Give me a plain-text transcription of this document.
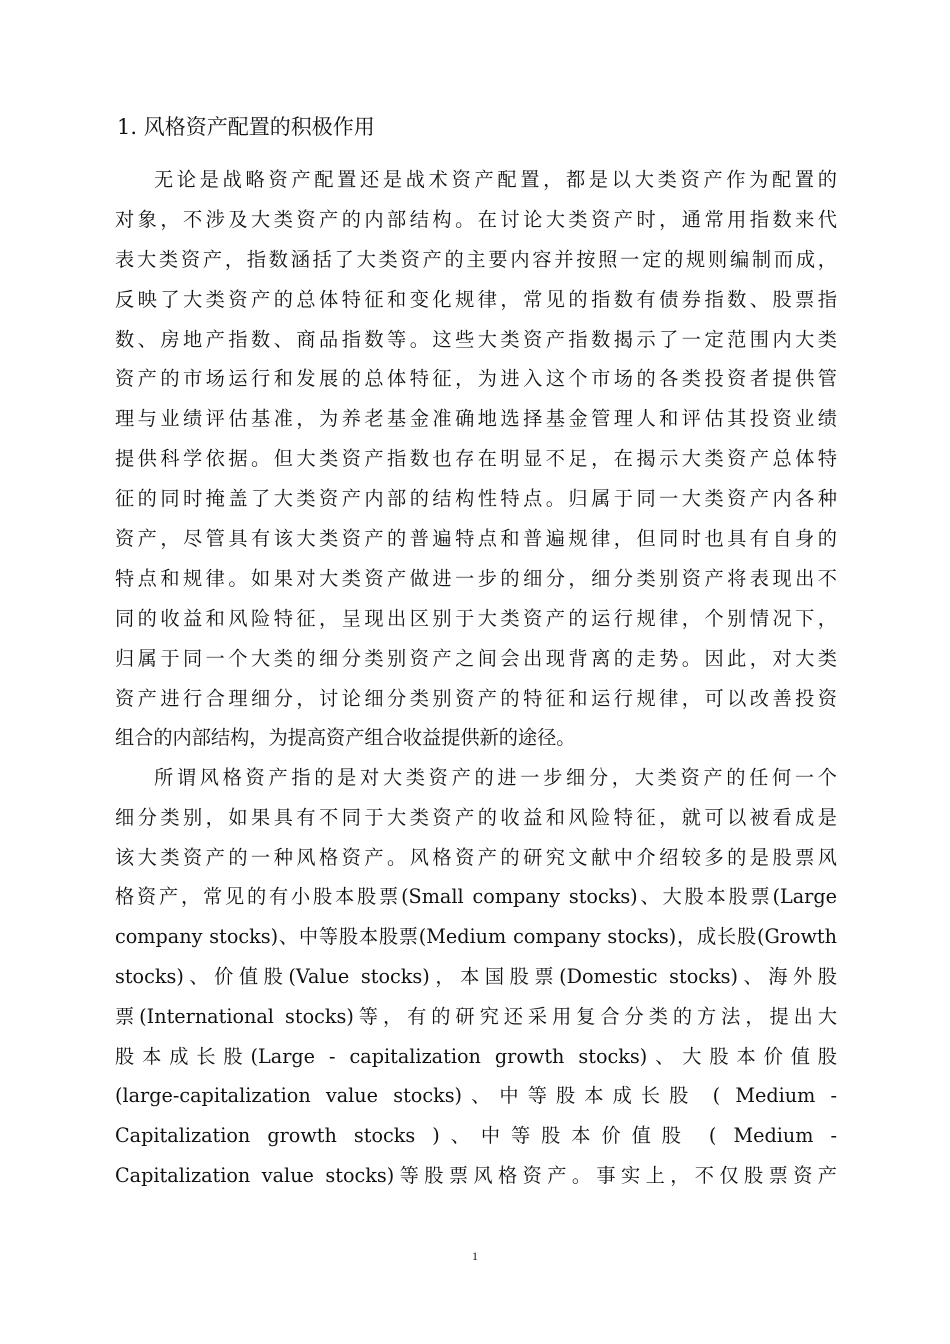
1. 风格资产配置的积极作用
无论是战略资产配置还是战术资产配置，都是以大类资产作为配置的
对象，不涉及大类资产的内部结构。在讨论大类资产时，通常用指数来代
表大类资产，指数涵括了大类资产的主要内容并按照一定的规则编制而成，
反映了大类资产的总体特征和变化规律，常见的指数有债券指数、股票指
数、房地产指数、商品指数等。这些大类资产指数揭示了一定范围内大类
资产的市场运行和发展的总体特征，为进入这个市场的各类投资者提供管
理与业绩评估基准，为养老基金准确地选择基金管理人和评估其投资业绩
提供科学依据。但大类资产指数也存在明显不足，在揭示大类资产总体特
征的同时掩盖了大类资产内部的结构性特点。归属于同一大类资产内各种
资产，尽管具有该大类资产的普遍特点和普遍规律，但同时也具有自身的
特点和规律。如果对大类资产做进一步的细分，细分类别资产将表现出不
同的收益和风险特征，呈现出区别于大类资产的运行规律，个别情况下，
归属于同一个大类的细分类别资产之间会出现背离的走势。因此，对大类
资产进行合理细分，讨论细分类别资产的特征和运行规律，可以改善投资
组合的内部结构，为提高资产组合收益提供新的途径。
所谓风格资产指的是对大类资产的进一步细分，大类资产的任何一个
细分类别，如果具有不同于大类资产的收益和风险特征，就可以被看成是
该大类资产的一种风格资产。风格资产的研究文献中介绍较多的是股票风
格资产，常见的有小股本股票(Small company stocks)、大股本股票(Large
company stocks)、中等股本股票(Medium company stocks)，成长股(Growth
stocks)、价值股(Value stocks)，本国股票(Domestic stocks)、海外股
票(International stocks)等，有的研究还采用复合分类的方法，提出大
股本成长股(Large - capitalization growth stocks)、大股本价值股
(large-capitalization value stocks)、中等股本成长股 ( Medium -
Capitalization growth stocks )、中等股本价值股 ( Medium -
Capitalization value stocks)等股票风格资产。事实上，不仅股票资产
1
